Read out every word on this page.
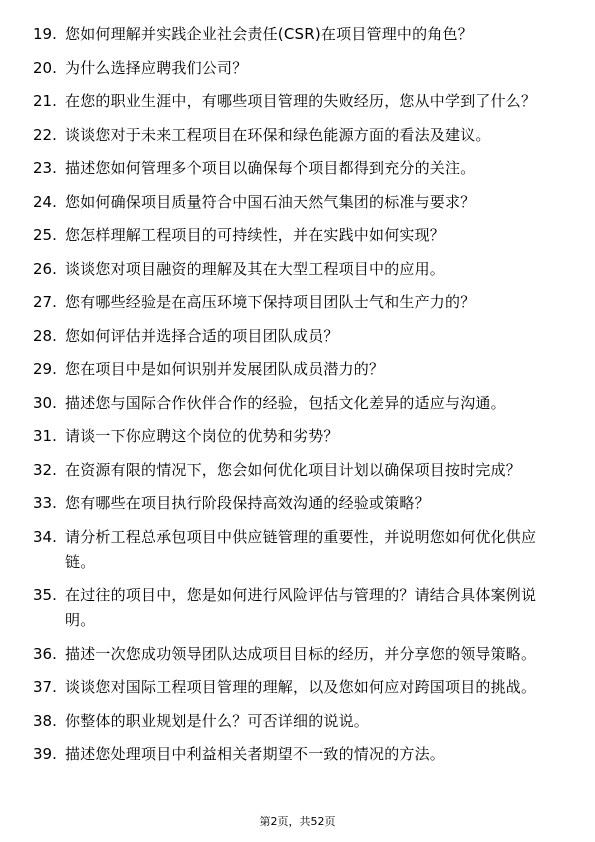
19. 您如何理解并实践企业社会责任(CSR)在项目管理中的角色？
20. 为什么选择应聘我们公司？
21. 在您的职业生涯中，有哪些项目管理的失败经历，您从中学到了什么？
22. 谈谈您对于未来工程项目在环保和绿色能源方面的看法及建议。
23. 描述您如何管理多个项目以确保每个项目都得到充分的关注。
24. 您如何确保项目质量符合中国石油天然气集团的标准与要求？
25. 您怎样理解工程项目的可持续性，并在实践中如何实现？
26. 谈谈您对项目融资的理解及其在大型工程项目中的应用。
27. 您有哪些经验是在高压环境下保持项目团队士气和生产力的？
28. 您如何评估并选择合适的项目团队成员？
29. 您在项目中是如何识别并发展团队成员潜力的？
30. 描述您与国际合作伙伴合作的经验，包括文化差异的适应与沟通。
31. 请谈一下你应聘这个岗位的优势和劣势？
32. 在资源有限的情况下，您会如何优化项目计划以确保项目按时完成？
33. 您有哪些在项目执行阶段保持高效沟通的经验或策略？
34. 请分析工程总承包项目中供应链管理的重要性，并说明您如何优化供应链。
35. 在过往的项目中，您是如何进行风险评估与管理的？请结合具体案例说明。
36. 描述一次您成功领导团队达成项目目标的经历，并分享您的领导策略。
37. 谈谈您对国际工程项目管理的理解，以及您如何应对跨国项目的挑战。
38. 你整体的职业规划是什么？可否详细的说说。
39. 描述您处理项目中利益相关者期望不一致的情况的方法。
第2页，共52页
